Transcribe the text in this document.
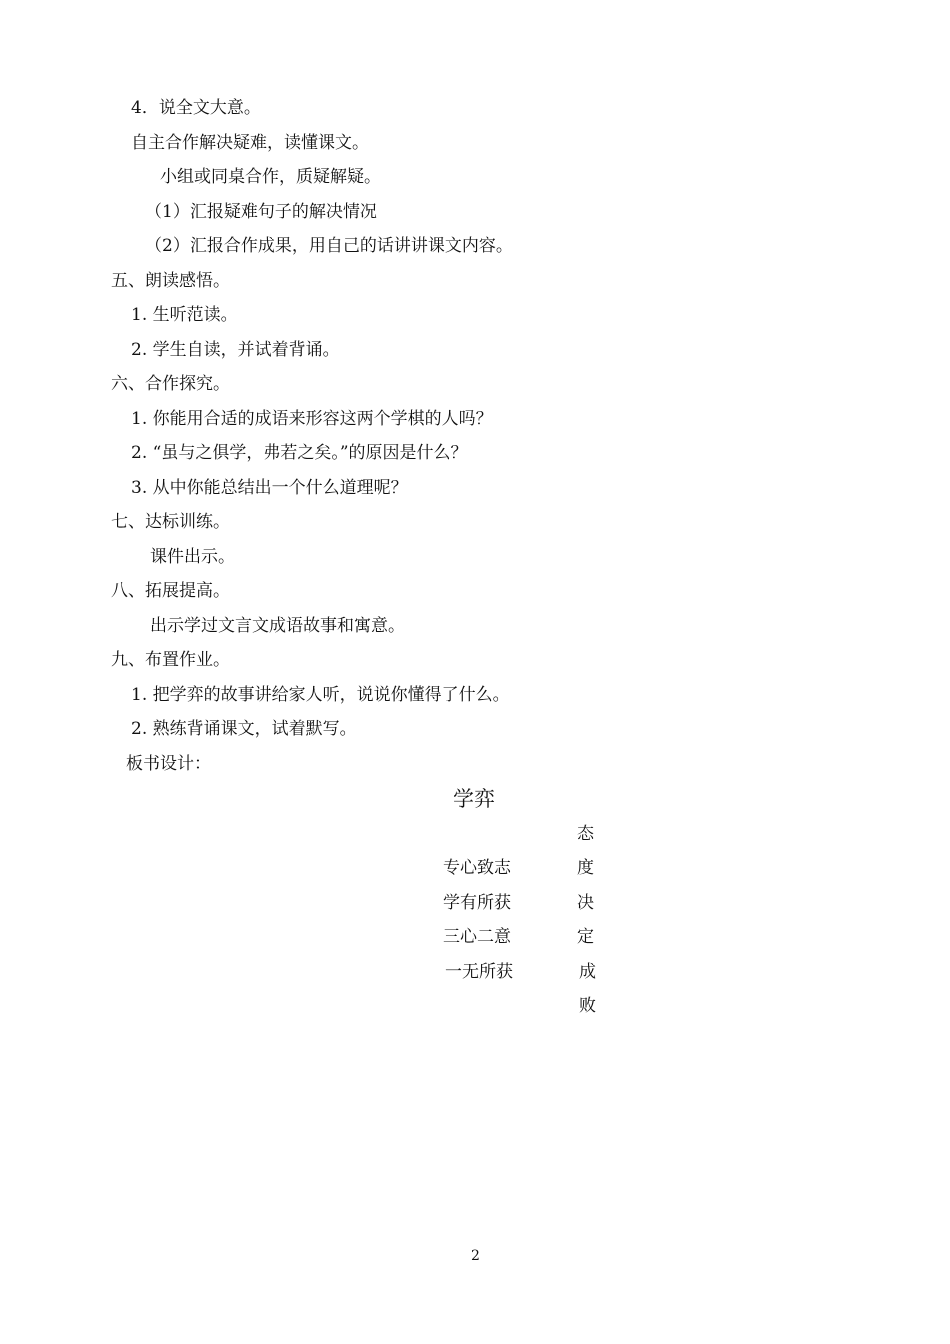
4．说全文大意。
自主合作解决疑难，读懂课文。
小组或同桌合作，质疑解疑。
（1）汇报疑难句子的解决情况
（2）汇报合作成果，用自己的话讲讲课文内容。
五、朗读感悟。
1. 生听范读。
2. 学生自读，并试着背诵。
六、合作探究。
1. 你能用合适的成语来形容这两个学棋的人吗？
2. “虽与之俱学，弗若之矣。”的原因是什么？
3. 从中你能总结出一个什么道理呢？
七、达标训练。
课件出示。
八、拓展提高。
出示学过文言文成语故事和寓意。
九、布置作业。
1. 把学弈的故事讲给家人听，说说你懂得了什么。
2. 熟练背诵课文，试着默写。
板书设计：
学弈
专心致志
学有所获
三心二意
一无所获
态
度
决
定
成
败
2
